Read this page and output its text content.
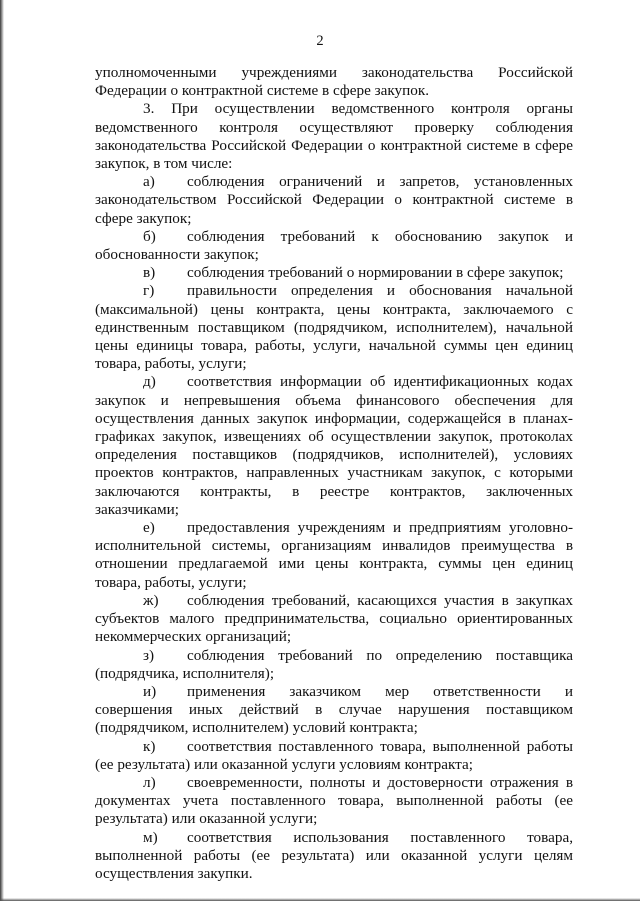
2

уполномоченными учреждениями законодательства Российской Федерации о контрактной системе в сфере закупок.

3. При осуществлении ведомственного контроля органы ведомственного контроля осуществляют проверку соблюдения законодательства Российской Федерации о контрактной системе в сфере закупок, в том числе:

а) соблюдения ограничений и запретов, установленных законодательством Российской Федерации о контрактной системе в сфере закупок;

б) соблюдения требований к обоснованию закупок и обоснованности закупок;

в) соблюдения требований о нормировании в сфере закупок;

г) правильности определения и обоснования начальной (максимальной) цены контракта, цены контракта, заключаемого с единственным поставщиком (подрядчиком, исполнителем), начальной цены единицы товара, работы, услуги, начальной суммы цен единиц товара, работы, услуги;

д) соответствия информации об идентификационных кодах закупок и непревышения объема финансового обеспечения для осуществления данных закупок информации, содержащейся в планах-графиках закупок, извещениях об осуществлении закупок, протоколах определения поставщиков (подрядчиков, исполнителей), условиях проектов контрактов, направленных участникам закупок, с которыми заключаются контракты, в реестре контрактов, заключенных заказчиками;

е) предоставления учреждениям и предприятиям уголовно-исполнительной системы, организациям инвалидов преимущества в отношении предлагаемой ими цены контракта, суммы цен единиц товара, работы, услуги;

ж) соблюдения требований, касающихся участия в закупках субъектов малого предпринимательства, социально ориентированных некоммерческих организаций;

з) соблюдения требований по определению поставщика (подрядчика, исполнителя);

и) применения заказчиком мер ответственности и совершения иных действий в случае нарушения поставщиком (подрядчиком, исполнителем) условий контракта;

к) соответствия поставленного товара, выполненной работы (ее результата) или оказанной услуги условиям контракта;

л) своевременности, полноты и достоверности отражения в документах учета поставленного товара, выполненной работы (ее результата) или оказанной услуги;

м) соответствия использования поставленного товара, выполненной работы (ее результата) или оказанной услуги целям осуществления закупки.
